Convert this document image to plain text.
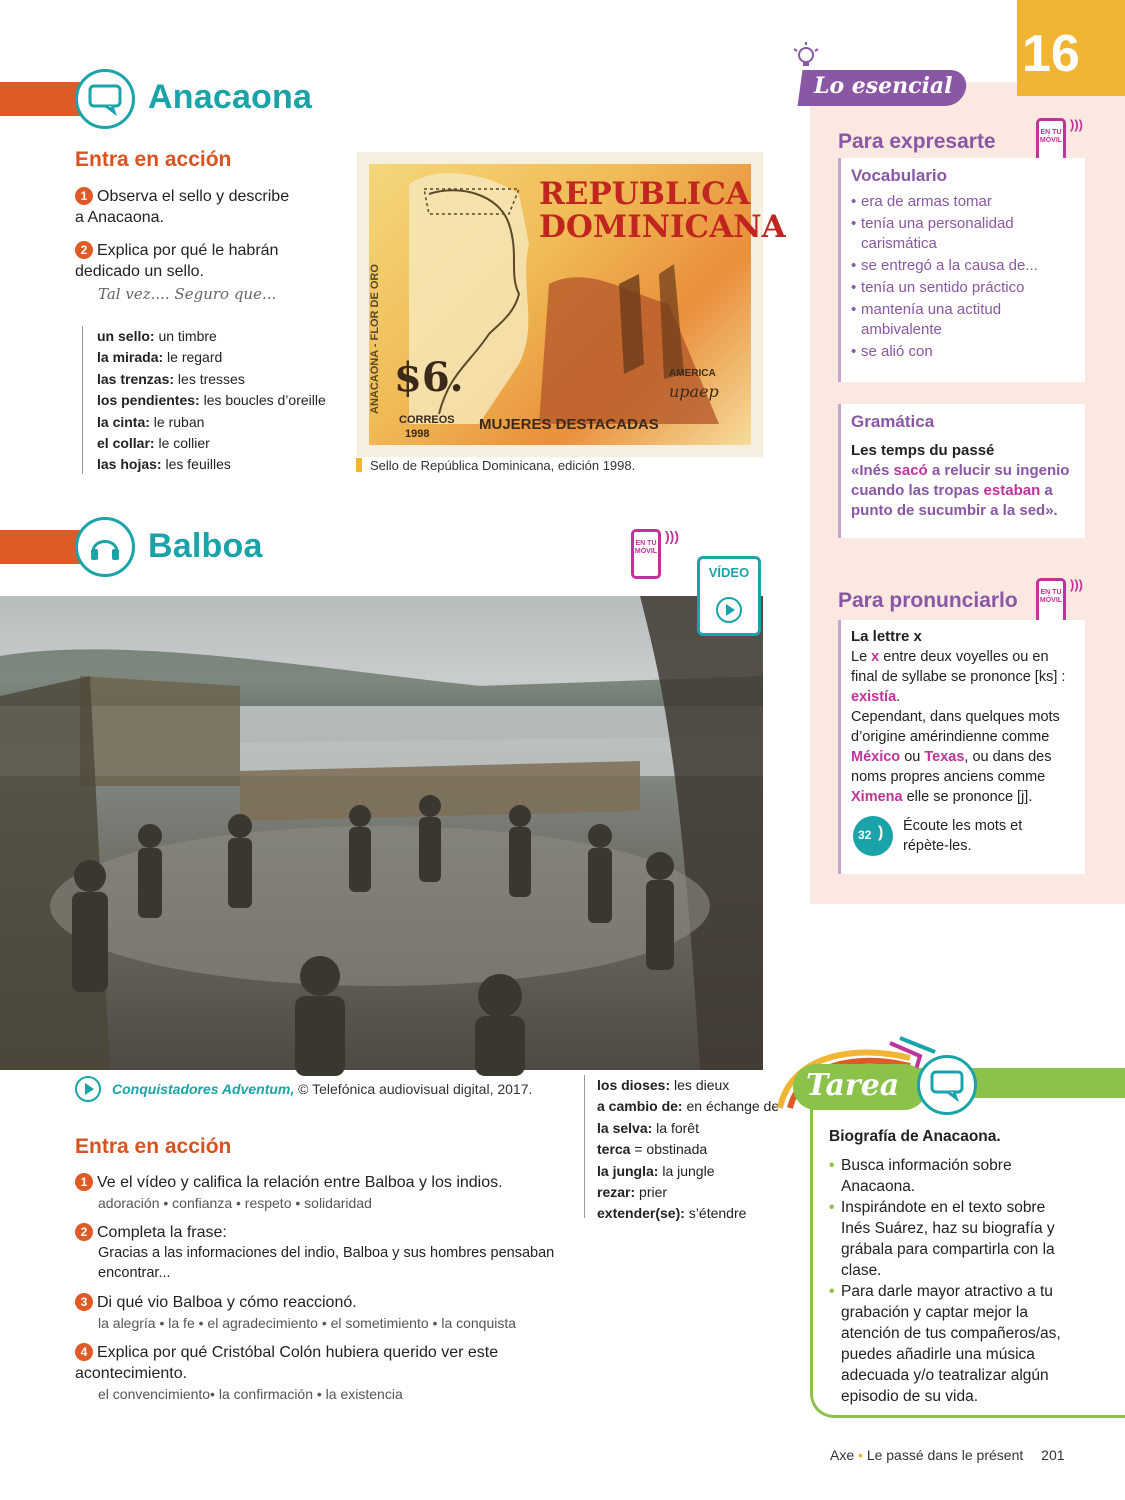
Anacaona
Entra en acción
1 Observa el sello y describe a Anacaona.
2 Explica por qué le habrán dedicado un sello.
Tal vez.... Seguro que...
un sello: un timbre
la mirada: le regard
las trenzas: les tresses
los pendientes: les boucles d’oreille
la cinta: le ruban
el collar: le collier
las hojas: les feuilles
REPUBLICA DOMINICANA
ANACAONA - FLOR DE ORO $6.
CORREOS
1998
AMERICA
upaep
MUJERES DESTACADAS
Sello de República Dominicana, edición 1998.
Balboa	EN TU MÓVIL
)))
VÍDEO
Conquistadores Adventum, © Telefónica audiovisual digital, 2017.	los dioses: les dieux
a cambio de: en échange de
la selva: la forêt
terca = obstinada
la jungla: la jungle
rezar: prier
extender(se): s’étendre
Entra en acción
1 Ve el vídeo y califica la relación entre Balboa y los indios.
adoración • confianza • respeto • solidaridad
2 Completa la frase:
Gracias a las informaciones del indio, Balboa y sus hombres pensaban encontrar...
3 Di qué vio Balboa y cómo reaccionó.
la alegría • la fe • el agradecimiento • el sometimiento • la conquista
4 Explica por qué Cristóbal Colón hubiera querido ver este acontecimiento.
el convencimiento• la confirmación • la existencia
16
Lo esencial
Para expresarte	EN TU MÓVIL
)))
Vocabulario
• era de armas tomar
• tenía una personalidad carismática
• se entregó a la causa de...
• tenía un sentido práctico
• mantenía una actitud ambivalente
• se alió con
Gramática
Les temps du passé
«Inés sacó a relucir su ingenio cuando las tropas estaban a punto de sucumbir a la sed».
Para pronunciarlo	EN TU MÓVIL
)))
La lettre x
Le x entre deux voyelles ou en final de syllabe se prononce [ks] : existía.
Cependant, dans quelques mots d’origine amérindienne comme México ou Texas, ou dans des noms propres anciens comme Ximena elle se prononce [j].
32 ) Écoute les mots et répète-les.
Tarea
Biografía de Anacaona.
• Busca información sobre Anacaona.
• Inspirándote en el texto sobre Inés Suárez, haz su biografía y grábala para compartirla con la clase.
• Para darle mayor atractivo a tu grabación y captar mejor la atención de tus compañeros/as, puedes añadirle una música adecuada y/o teatralizar algún episodio de su vida.
Axe • Le passé dans le présent 201
